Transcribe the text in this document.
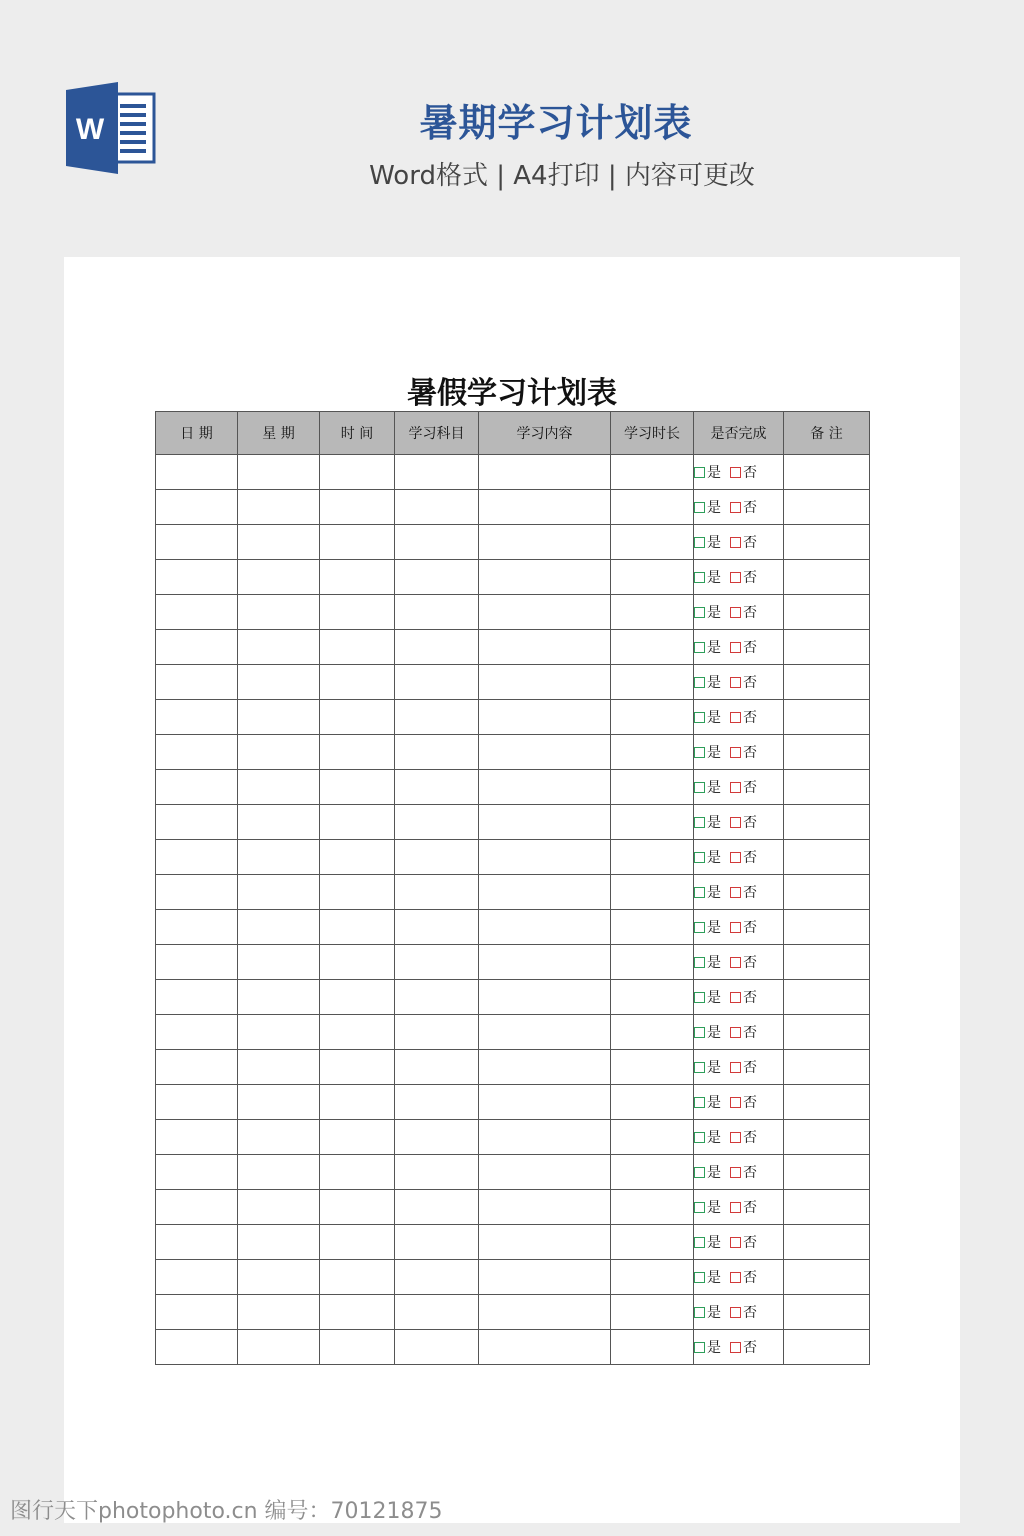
W	暑期学习计划表
Word格式 | A4打印 | 内容可更改
暑假学习计划表
日 期	星 期	时 间	学习科目	学习内容	学习时长	是否完成	备 注
						是 否	
						是 否	
						是 否	
						是 否	
						是 否	
						是 否	
						是 否	
						是 否	
						是 否	
						是 否	
						是 否	
						是 否	
						是 否	
						是 否	
						是 否	
						是 否	
						是 否	
						是 否	
						是 否	
						是 否	
						是 否	
						是 否	
						是 否	
						是 否	
						是 否	
						是 否	
图行天下photophoto.cn 编号：70121875
